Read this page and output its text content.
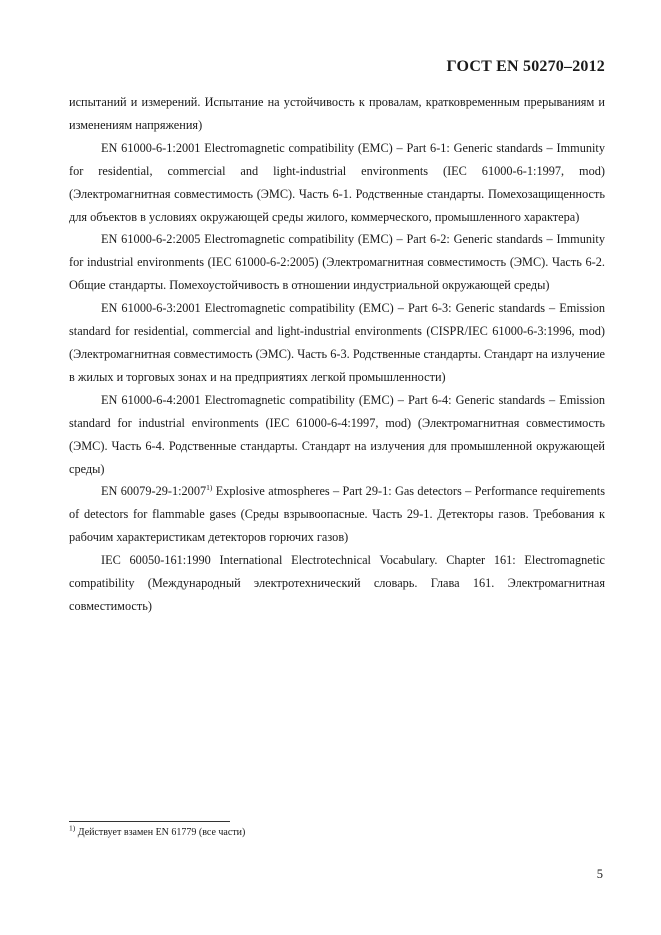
ГОСТ EN 50270–2012

испытаний и измерений. Испытание на устойчивость к провалам, кратковременным прерываниям и изменениям напряжения)

EN 61000-6-1:2001 Electromagnetic compatibility (EMC) – Part 6-1: Generic standards – Immunity for residential, commercial and light-industrial environments (IEC 61000-6-1:1997, mod) (Электромагнитная совместимость (ЭМС). Часть 6-1. Родственные стандарты. Помехозащищенность для объектов в условиях окружающей среды жилого, коммерческого, промышленного характера)

EN 61000-6-2:2005 Electromagnetic compatibility (EMC) – Part 6-2: Generic standards – Immunity for industrial environments (IEC 61000-6-2:2005) (Электромагнитная совместимость (ЭМС). Часть 6-2. Общие стандарты. Помехоустойчивость в отношении индустриальной окружающей среды)

EN 61000-6-3:2001 Electromagnetic compatibility (EMC) – Part 6-3: Generic standards – Emission standard for residential, commercial and light-industrial environments (CISPR/IEC 61000-6-3:1996, mod) (Электромагнитная совместимость (ЭМС). Часть 6-3. Родственные стандарты. Стандарт на излучение в жилых и торговых зонах и на предприятиях легкой промышленности)

EN 61000-6-4:2001 Electromagnetic compatibility (EMC) – Part 6-4: Generic standards – Emission standard for industrial environments (IEC 61000-6-4:1997, mod) (Электромагнитная совместимость (ЭМС). Часть 6-4. Родственные стандарты. Стандарт на излучения для промышленной окружающей среды)

EN 60079-29-1:2007$^{1)}$ Explosive atmospheres – Part 29-1: Gas detectors – Performance requirements of detectors for flammable gases (Среды взрывоопасные. Часть 29-1. Детекторы газов. Требования к рабочим характеристикам детекторов горючих газов)

IEC 60050-161:1990 International Electrotechnical Vocabulary. Chapter 161: Electromagnetic compatibility (Международный электротехнический словарь. Глава 161. Электромагнитная совместимость)

$^{1)}$ Действует взамен EN 61779 (все части)
5
